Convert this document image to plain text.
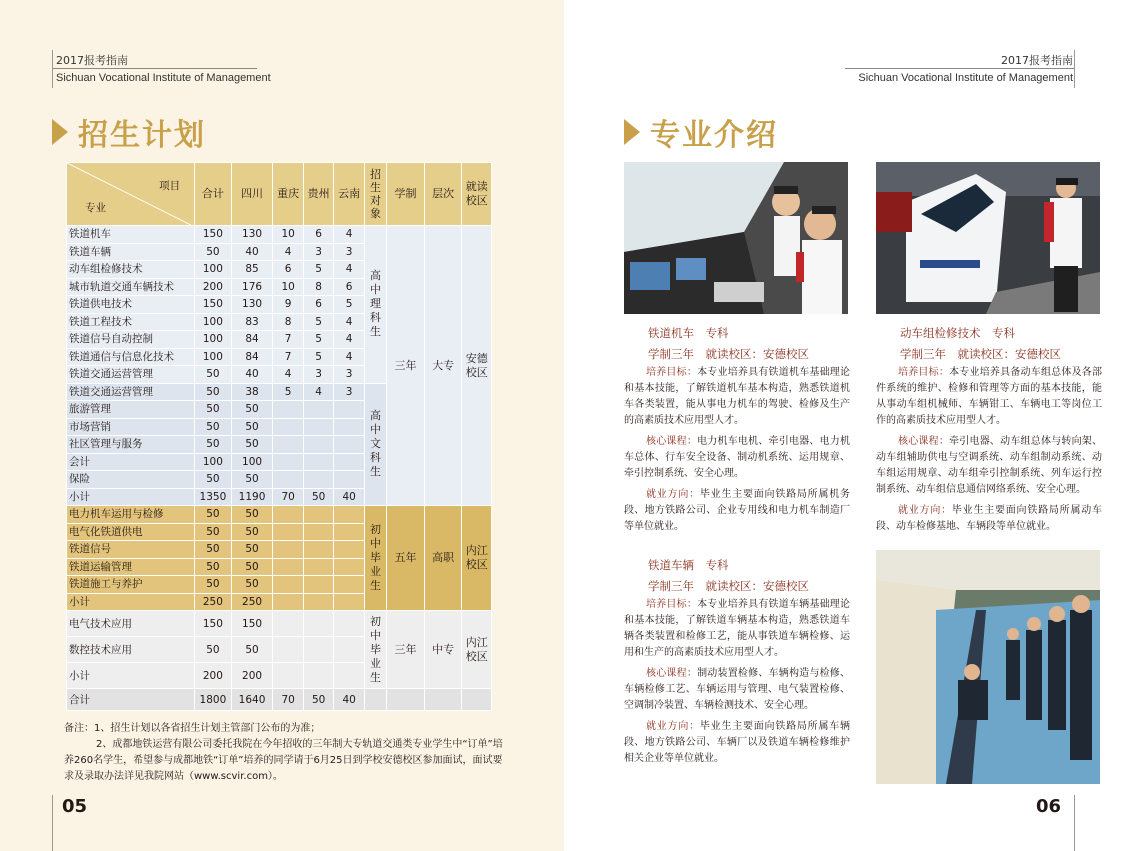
2017报考指南
Sichuan Vocational Institute of Management
招生计划
项目
专业	合计	四川	重庆	贵州	云南	招生对象	学制	层次	就读校区
铁道机车	150	130	10	6	4	高中理科生	三年	大专	安德校区
铁道车辆	50	40	4	3	3				
动车组检修技术	100	85	6	5	4				
城市轨道交通车辆技术	200	176	10	8	6				
铁道供电技术	150	130	9	6	5				
铁道工程技术	100	83	8	5	4				
铁道信号自动控制	100	84	7	5	4				
铁道通信与信息化技术	100	84	7	5	4				
铁道交通运营管理	50	40	4	3	3				
铁道交通运营管理	50	38	5	4	3	高中文科生			
旅游管理	50	50							
市场营销	50	50							
社区管理与服务	50	50							
会计	100	100							
保险	50	50							
小计	1350	1190	70	50	40				
电力机车运用与检修	50	50				初中毕业生	五年	高职	内江校区
电气化铁道供电	50	50							
铁道信号	50	50							
铁道运输管理	50	50							
铁道施工与养护	50	50							
小计	250	250							
电气技术应用	150	150				初中毕业生	三年	中专	内江校区
数控技术应用	50	50							
小计	200	200							
合计	1800	1640	70	50	40				
备注：1、招生计划以各省招生计划主管部门公布的为准；
2、成都地铁运营有限公司委托我院在今年招收的三年制大专轨道交通类专业学生中“订单”培养260名学生，希望参与成都地铁“订单”培养的同学请于6月25日到学校安德校区参加面试，面试要求及录取办法详见我院网站（www.scvir.com）。
05
2017报考指南
Sichuan Vocational Institute of Management
专业介绍
铁道机车　专科
学制三年　就读校区：安德校区

培养目标：本专业培养具有铁道机车基础理论和基本技能，了解铁道机车基本构造，熟悉铁道机车各类装置，能从事电力机车的驾驶、检修及生产的高素质技术应用型人才。

核心课程：电力机车电机、牵引电器、电力机车总体、行车安全设备、制动机系统、运用规章、牵引控制系统、安全心理。

就业方向：毕业生主要面向铁路局所属机务段、地方铁路公司、企业专用线和电力机车制造厂等单位就业。

动车组检修技术　专科
学制三年　就读校区：安德校区

培养目标：本专业培养具备动车组总体及各部件系统的维护、检修和管理等方面的基本技能，能从事动车组机械师、车辆钳工、车辆电工等岗位工作的高素质技术应用型人才。

核心课程：牵引电器、动车组总体与转向架、动车组辅助供电与空调系统、动车组制动系统、动车组运用规章、动车组牵引控制系统、列车运行控制系统、动车组信息通信网络系统、安全心理。

就业方向：毕业生主要面向铁路局所属动车段、动车检修基地、车辆段等单位就业。

铁道车辆　专科
学制三年　就读校区：安德校区

培养目标：本专业培养具有铁道车辆基础理论和基本技能，了解铁道车辆基本构造，熟悉铁道车辆各类装置和检修工艺，能从事铁道车辆检修、运用和生产的高素质技术应用型人才。

核心课程：制动装置检修、车辆构造与检修、车辆检修工艺、车辆运用与管理、电气装置检修、空调制冷装置、车辆检测技术、安全心理。

就业方向：毕业生主要面向铁路局所属车辆段、地方铁路公司、车辆厂以及铁道车辆检修维护相关企业等单位就业。

06
